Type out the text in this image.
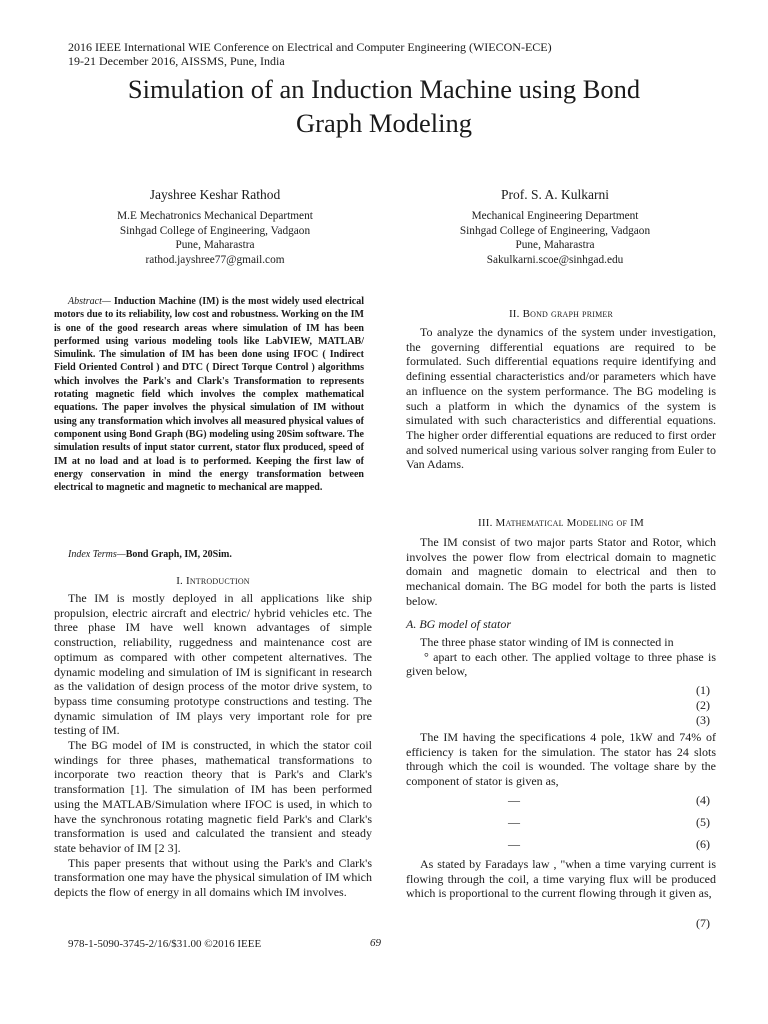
2016 IEEE International WIE Conference on Electrical and Computer Engineering (WIECON-ECE)
19-21 December 2016, AISSMS, Pune, India
Simulation of an Induction Machine using Bond
Graph Modeling
Jayshree Keshar Rathod
M.E Mechatronics Mechanical Department
Sinhgad College of Engineering, Vadgaon
Pune, Maharastra
rathod.jayshree77@gmail.com
Prof. S. A. Kulkarni
Mechanical Engineering Department
Sinhgad College of Engineering, Vadgaon
Pune, Maharastra
Sakulkarni.scoe@sinhgad.edu
Abstract— Induction Machine (IM) is the most widely used electrical motors due to its reliability, low cost and robustness. Working on the IM is one of the good research areas where simulation of IM has been performed using various modeling tools like LabVIEW, MATLAB/ Simulink. The simulation of IM has been done using IFOC ( Indirect Field Oriented Control ) and DTC ( Direct Torque Control ) algorithms which involves the Park's and Clark's Transformation to represents rotating magnetic field which involves the complex mathematical equations. The paper involves the physical simulation of IM without using any transformation which involves all measured physical values of component using Bond Graph (BG) modeling using 20Sim software. The simulation results of input stator current, stator flux produced, speed of IM at no load and at load is to performed. Keeping the first law of energy conservation in mind the energy transformation between electrical to magnetic and magnetic to mechanical are mapped.
Index Terms—Bond Graph, IM, 20Sim.
I. Introduction

The IM is mostly deployed in all applications like ship propulsion, electric aircraft and electric/ hybrid vehicles etc. The three phase IM have well known advantages of simple construction, reliability, ruggedness and maintenance cost are optimum as compared with other competent alternatives. The dynamic modeling and simulation of IM is significant in research as the validation of design process of the motor drive system, to bypass time consuming prototype constructions and testing. The dynamic simulation of IM plays very important role for pre testing of IM.

The BG model of IM is constructed, in which the stator coil windings for three phases, mathematical transformations to incorporate two reaction theory that is Park's and Clark's transformation [1]. The simulation of IM has been performed using the MATLAB/Simulation where IFOC is used, in which to have the synchronous rotating magnetic field Park's and Clark's transformation is used and calculated the transient and steady state behavior of IM [2 3].

This paper presents that without using the Park's and Clark's transformation one may have the physical simulation of IM which depicts the flow of energy in all domains which IM involves.

II. Bond graph primer

To analyze the dynamics of the system under investigation, the governing differential equations are required to be formulated. Such differential equations require identifying and defining essential characteristics and/or parameters which have an influence on the system performance. The BG modeling is such a platform in which the dynamics of the system is simulated with such characteristics and differential equations. The higher order differential equations are reduced to first order and solved numerical using various solver ranging from Euler to Van Adams.

III. Mathematical Modeling of IM

The IM consist of two major parts Stator and Rotor, which involves the power flow from electrical domain to magnetic domain and magnetic domain to electrical and then to mechanical domain. The BG model for both the parts is listed below.

A. BG model of stator

The three phase stator winding of IM is connected in

° apart to each other. The applied voltage to three phase is given below,

(1)
(2)
(3)

The IM having the specifications 4 pole, 1kW and 74% of efficiency is taken for the simulation. The stator has 24 slots through which the coil is wounded. The voltage share by the component of stator is given as,

—	(4)
—	(5)
—	(6)

As stated by Faradays law , "when a time varying current is flowing through the coil, a time varying flux will be produced which is proportional to the current flowing through it given as,

(7)
978-1-5090-3745-2/16/$31.00 ©2016 IEEE	69
